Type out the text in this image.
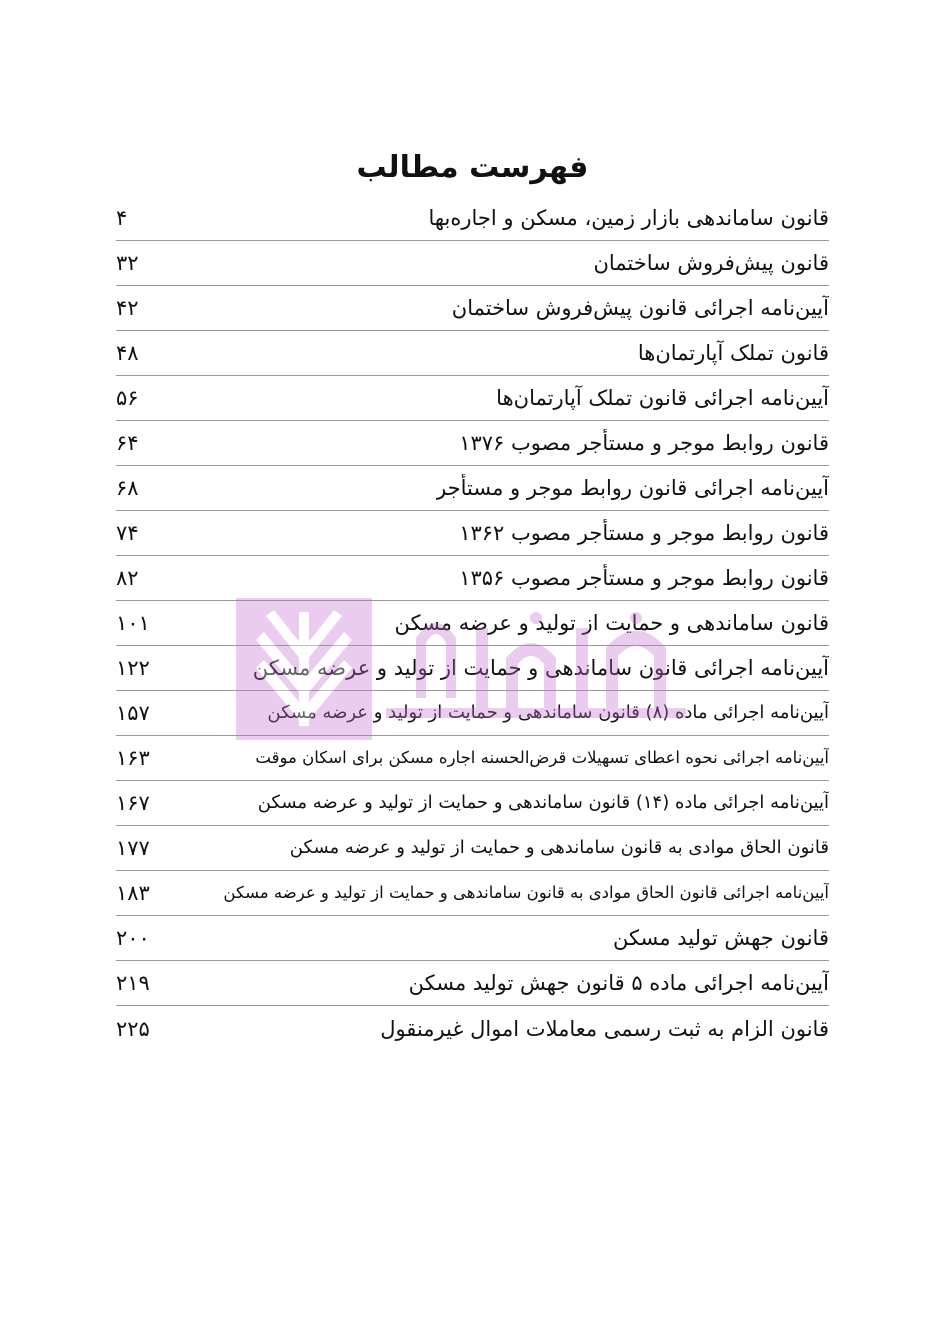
فهرست مطالب
قانون ساماندهی بازار زمین، مسکن و اجاره‌بها
۴
قانون پیش‌فروش ساختمان
۳۲
آیین‌نامه اجرائی قانون پیش‌فروش ساختمان
۴۲
قانون تملک آپارتمان‌ها
۴۸
آیین‌نامه اجرائی قانون تملک آپارتمان‌ها
۵۶
قانون روابط موجر و مستأجر مصوب ۱۳۷۶
۶۴
آیین‌نامه اجرائی قانون روابط موجر و مستأجر
۶۸
قانون روابط موجر و مستأجر مصوب ۱۳۶۲
۷۴
قانون روابط موجر و مستأجر مصوب ۱۳۵۶
۸۲
قانون ساماندهی و حمایت از تولید و عرضه مسکن
۱۰۱
آیین‌نامه اجرائی قانون ساماندهی و حمایت از تولید و عرضه مسکن
۱۲۲
آیین‌نامه اجرائی ماده (۸) قانون ساماندهی و حمایت از تولید و عرضه مسکن
۱۵۷
آیین‌نامه اجرائی نحوه اعطای تسهیلات قرض‌الحسنه اجاره مسکن برای اسکان موقت
۱۶۳
آیین‌نامه اجرائی ماده (۱۴) قانون ساماندهی و حمایت از تولید و عرضه مسکن
۱۶۷
قانون الحاق موادی به قانون ساماندهی و حمایت از تولید و عرضه مسکن
۱۷۷
آیین‌نامه اجرائی قانون الحاق موادی به قانون ساماندهی و حمایت از تولید و عرضه مسکن
۱۸۳
قانون جهش تولید مسکن
۲۰۰
آیین‌نامه اجرائی ماده ۵ قانون جهش تولید مسکن
۲۱۹
قانون الزام به ثبت رسمی معاملات اموال غیرمنقول
۲۲۵
